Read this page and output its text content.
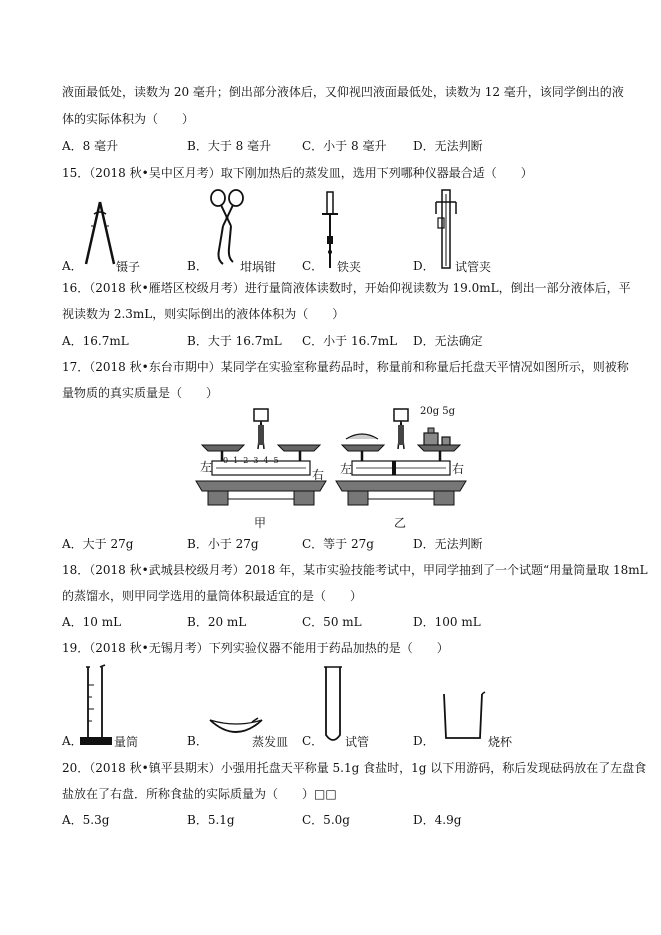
液面最低处，读数为 20 毫升；倒出部分液体后，又仰视凹液面最低处，读数为 12 毫升，该同学倒出的液
体的实际体积为（　　）
A．8 毫升	B．大于 8 毫升	C．小于 8 毫升 D．无法判断
15．（2018 秋•吴中区月考）取下刚加热后的蒸发皿，选用下列哪种仪器最合适（　　）
A．	镊子	B．	坩埚钳 C． 铁夹	D． 试管夹
16．（2018 秋•雁塔区校级月考）进行量筒液体读数时，开始仰视读数为 19.0mL，倒出一部分液体后，平
视读数为 2.3mL，则实际倒出的液体体积为（　　）
A．16.7mL	B．大于 16.7mL C．小于 16.7mL D．无法确定
17．（2018 秋•东台市期中）某同学在实验室称量药品时，称量前和称量后托盘天平情况如图所示，则被称
量物质的真实质量是（　　）
左
右
甲
012345
20g 5g
左	右
乙
A．大于 27g	B．小于 27g	C．等于 27g	D．无法判断
18．（2018 秋•武城县校级月考）2018 年，某市实验技能考试中，甲同学抽到了一个试题“用量筒量取 18mL
的蒸馏水，则甲同学选用的量筒体积最适宜的是（　　）
A．10 mL	B．20 mL	C．50 mL	D．100 mL
19．（2018 秋•无锡月考）下列实验仪器不能用于药品加热的是（　　）
A．	量筒	B．	蒸发皿 C． 试管	D．	烧杯
20．（2018 秋•镇平县期末）小强用托盘天平称量 5.1g 食盐时，1g 以下用游码，称后发现砝码放在了左盘食
盐放在了右盘．所称食盐的实际质量为（　　）□□
A．5.3g	B．5.1g	C．5.0g	D．4.9g
